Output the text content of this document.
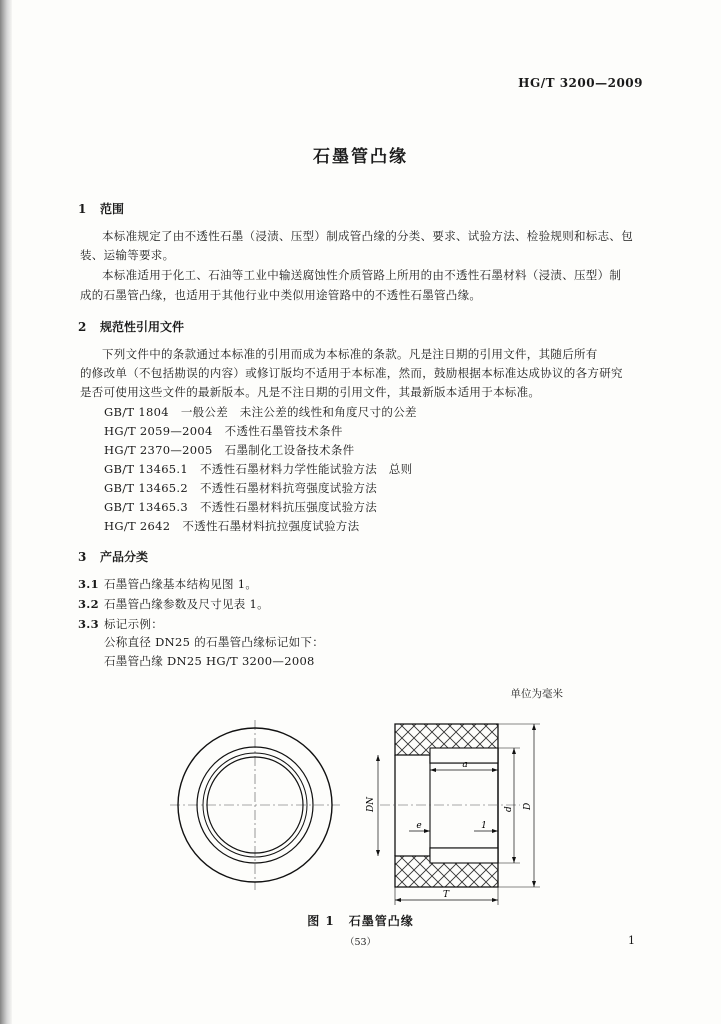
HG/T 3200—2009
石墨管凸缘
1 范围
本标准规定了由不透性石墨（浸渍、压型）制成管凸缘的分类、要求、试验方法、检验规则和标志、包
装、运输等要求。
本标准适用于化工、石油等工业中输送腐蚀性介质管路上所用的由不透性石墨材料（浸渍、压型）制
成的石墨管凸缘，也适用于其他行业中类似用途管路中的不透性石墨管凸缘。
2 规范性引用文件
下列文件中的条款通过本标准的引用而成为本标准的条款。凡是注日期的引用文件，其随后所有
的修改单（不包括勘误的内容）或修订版均不适用于本标准，然而，鼓励根据本标准达成协议的各方研究
是否可使用这些文件的最新版本。凡是不注日期的引用文件，其最新版本适用于本标准。
GB/T 1804 一般公差　未注公差的线性和角度尺寸的公差
HG/T 2059—2004 不透性石墨管技术条件
HG/T 2370—2005 石墨制化工设备技术条件
GB/T 13465.1 不透性石墨材料力学性能试验方法　总则
GB/T 13465.2 不透性石墨材料抗弯强度试验方法
GB/T 13465.3 不透性石墨材料抗压强度试验方法
HG/T 2642 不透性石墨材料抗拉强度试验方法
3 产品分类
3.1 石墨管凸缘基本结构见图 1。
3.2 石墨管凸缘参数及尺寸见表 1。
3.3 标记示例：
公称直径 DN25 的石墨管凸缘标记如下：
石墨管凸缘 DN25 HG/T 3200—2008
单位为毫米
a
e	1
DN	d D
T
图 1 石墨管凸缘
（53）	1
